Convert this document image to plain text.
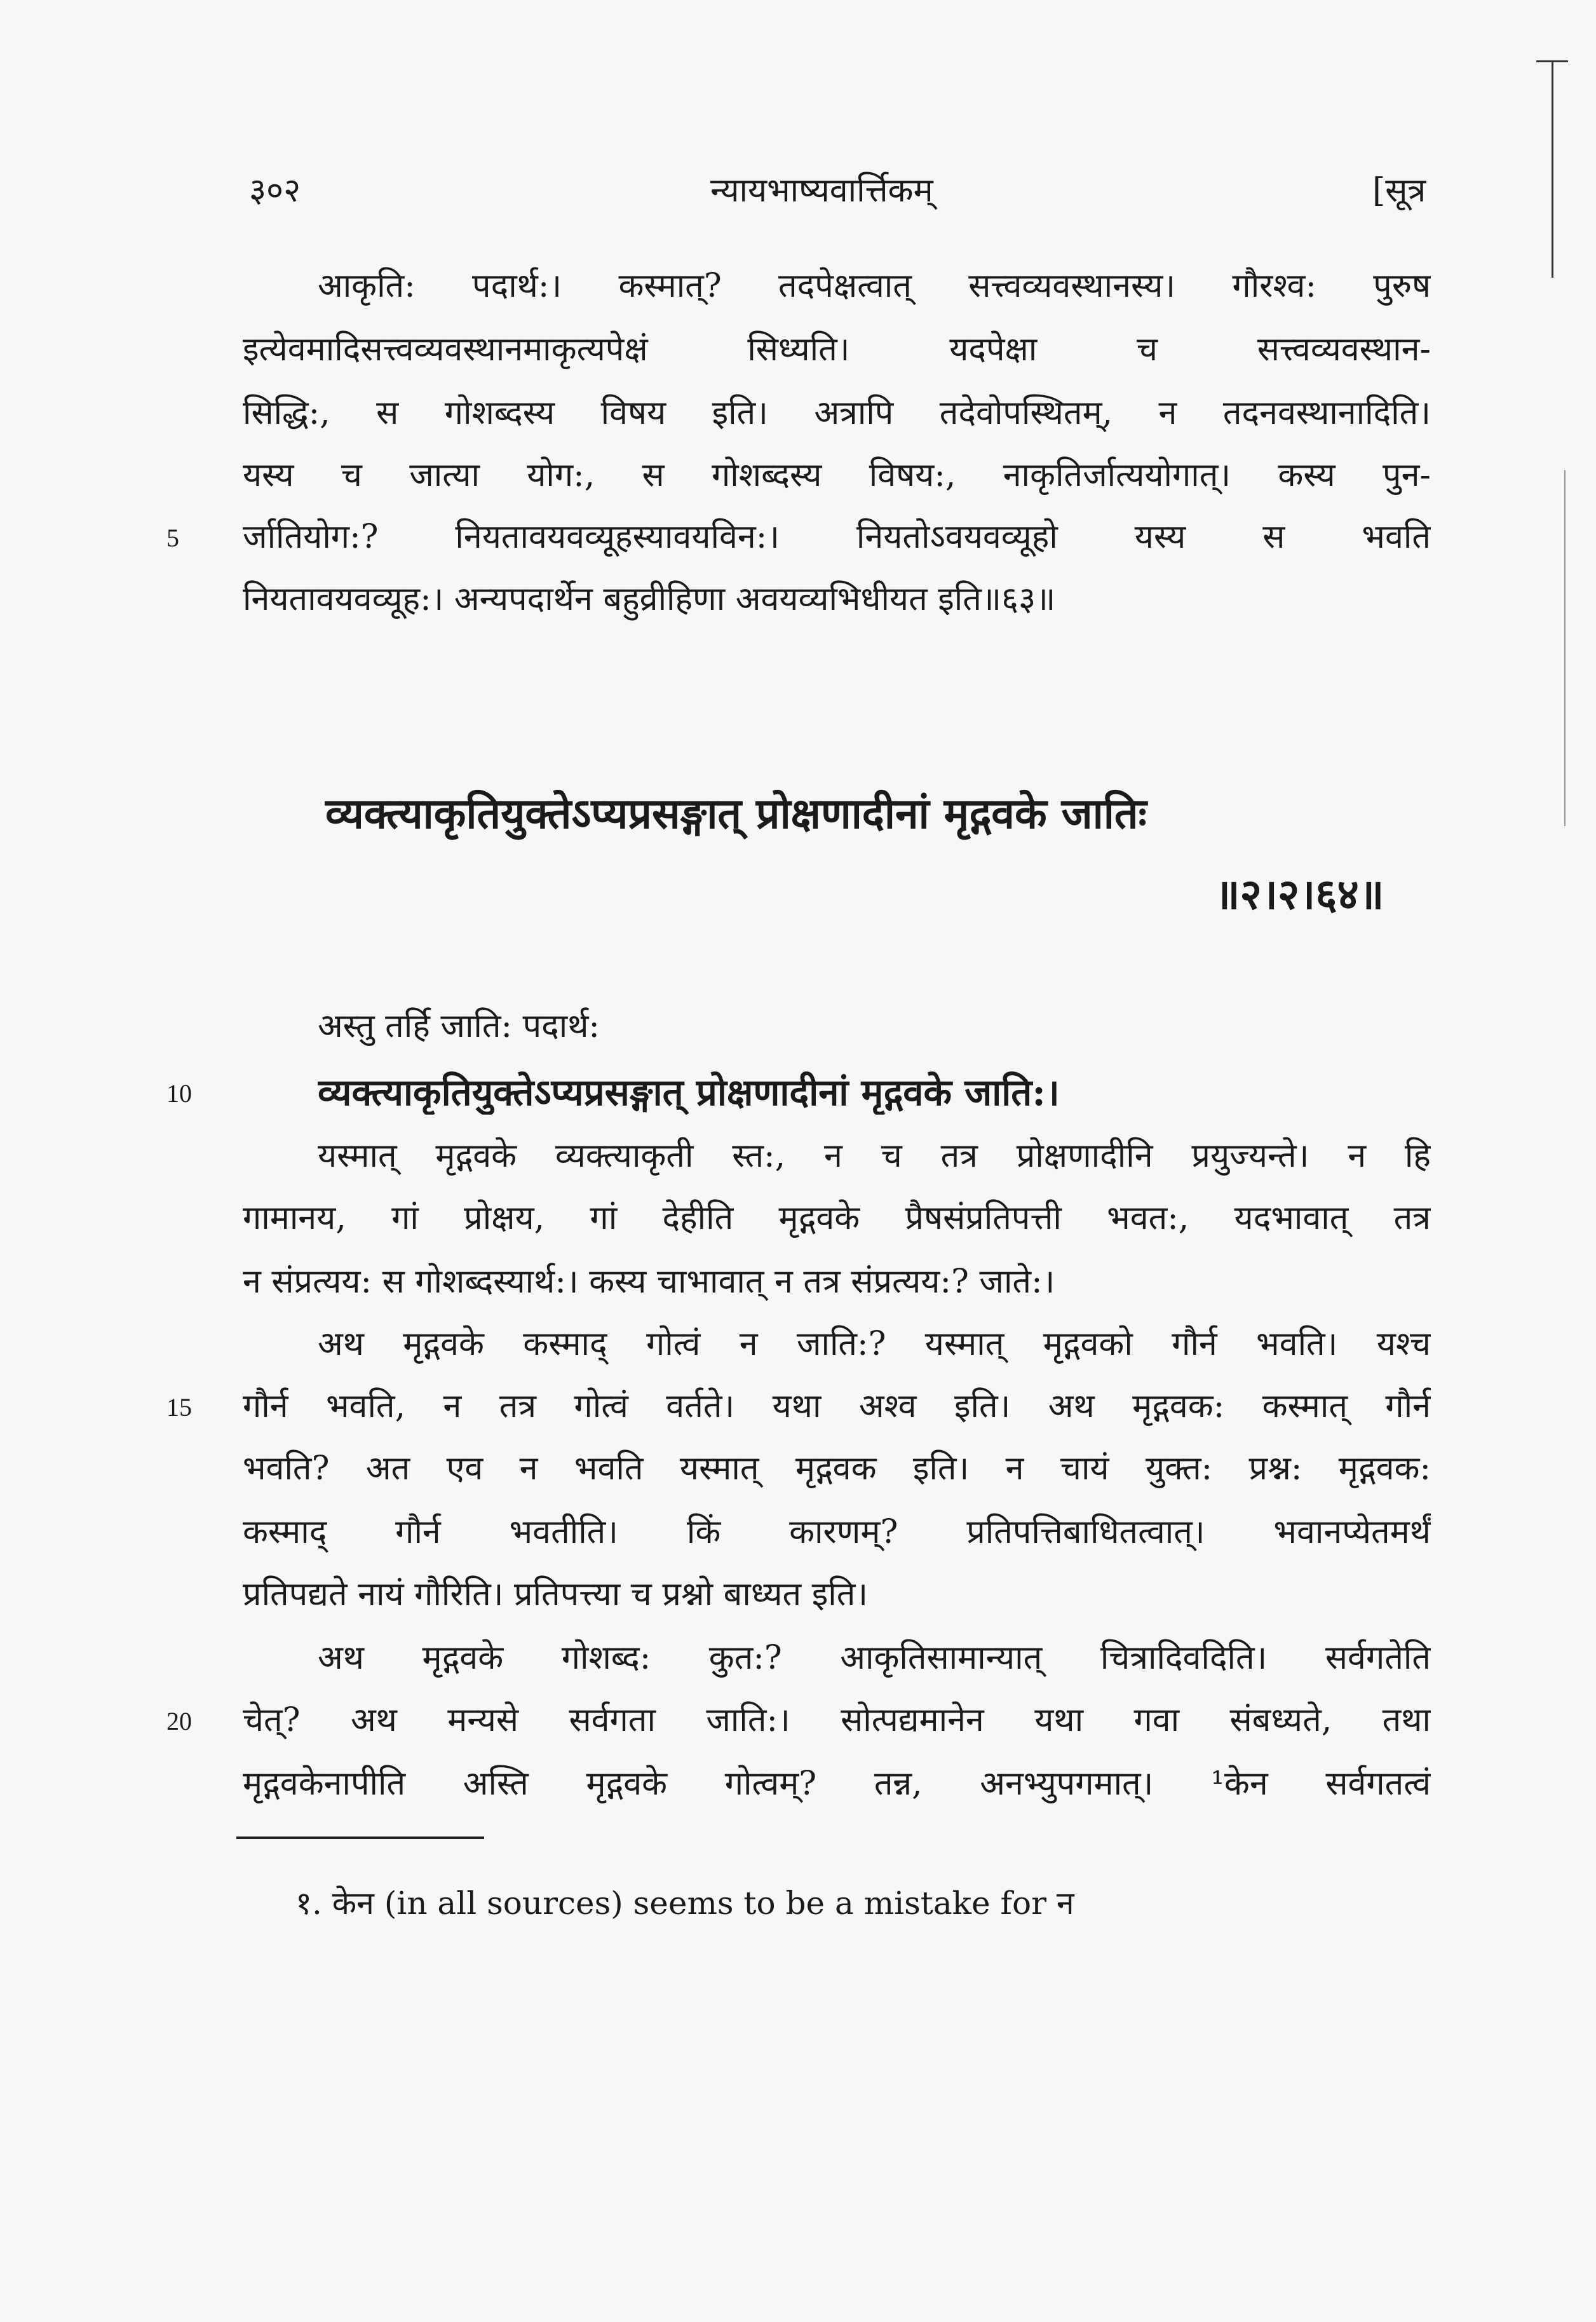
३०२	न्यायभाष्यवार्त्तिकम्	[सूत्र
आकृति: पदार्थ:। कस्मात्? तदपेक्षत्वात् सत्त्वव्यवस्थानस्य। गौरश्व: पुरुष
इत्येवमादिसत्त्वव्यवस्थानमाकृत्यपेक्षं सिध्यति। यदपेक्षा च सत्त्वव्यवस्थान-
सिद्धि:, स गोशब्दस्य विषय इति। अत्रापि तदेवोपस्थितम्, न तदनवस्थानादिति।
यस्य च जात्या योग:, स गोशब्दस्य विषय:, नाकृतिर्जात्ययोगात्। कस्य पुन-
5 र्जातियोग:? नियतावयवव्यूहस्यावयविन:। नियतोऽवयवव्यूहो यस्य स भवति
नियतावयवव्यूह:। अन्यपदार्थेन बहुव्रीहिणा अवयव्यभिधीयत इति॥६३॥
व्यक्त्याकृतियुक्तेऽप्यप्रसङ्गात् प्रोक्षणादीनां मृद्गवके जातिः
॥२।२।६४॥
अस्तु तर्हि जाति: पदार्थ:
10	व्यक्त्याकृतियुक्तेऽप्यप्रसङ्गात् प्रोक्षणादीनां मृद्गवके जाति:।
यस्मात् मृद्गवके व्यक्त्याकृती स्त:, न च तत्र प्रोक्षणादीनि प्रयुज्यन्ते। न हि
गामानय, गां प्रोक्षय, गां देहीति मृद्गवके प्रैषसंप्रतिपत्ती भवत:, यदभावात् तत्र
न संप्रत्यय: स गोशब्दस्यार्थ:। कस्य चाभावात् न तत्र संप्रत्यय:? जाते:।
अथ मृद्गवके कस्माद् गोत्वं न जाति:? यस्मात् मृद्गवको गौर्न भवति। यश्च
15 गौर्न भवति, न तत्र गोत्वं वर्तते। यथा अश्व इति। अथ मृद्गवक: कस्मात् गौर्न
भवति? अत एव न भवति यस्मात् मृद्गवक इति। न चायं युक्त: प्रश्न: मृद्गवक:
कस्माद् गौर्न भवतीति। किं कारणम्? प्रतिपत्तिबाधितत्वात्। भवानप्येतमर्थं
प्रतिपद्यते नायं गौरिति। प्रतिपत्त्या च प्रश्नो बाध्यत इति।
अथ मृद्गवके गोशब्द: कुत:? आकृतिसामान्यात् चित्रादिवदिति। सर्वगतेति
20 चेत्? अथ मन्यसे सर्वगता जाति:। सोत्पद्यमानेन यथा गवा संबध्यते, तथा
मृद्गवकेनापीति अस्ति मृद्गवके गोत्वम्? तन्न, अनभ्युपगमात्। ¹केन सर्वगतत्वं
१. केन (in all sources) seems to be a mistake for न
